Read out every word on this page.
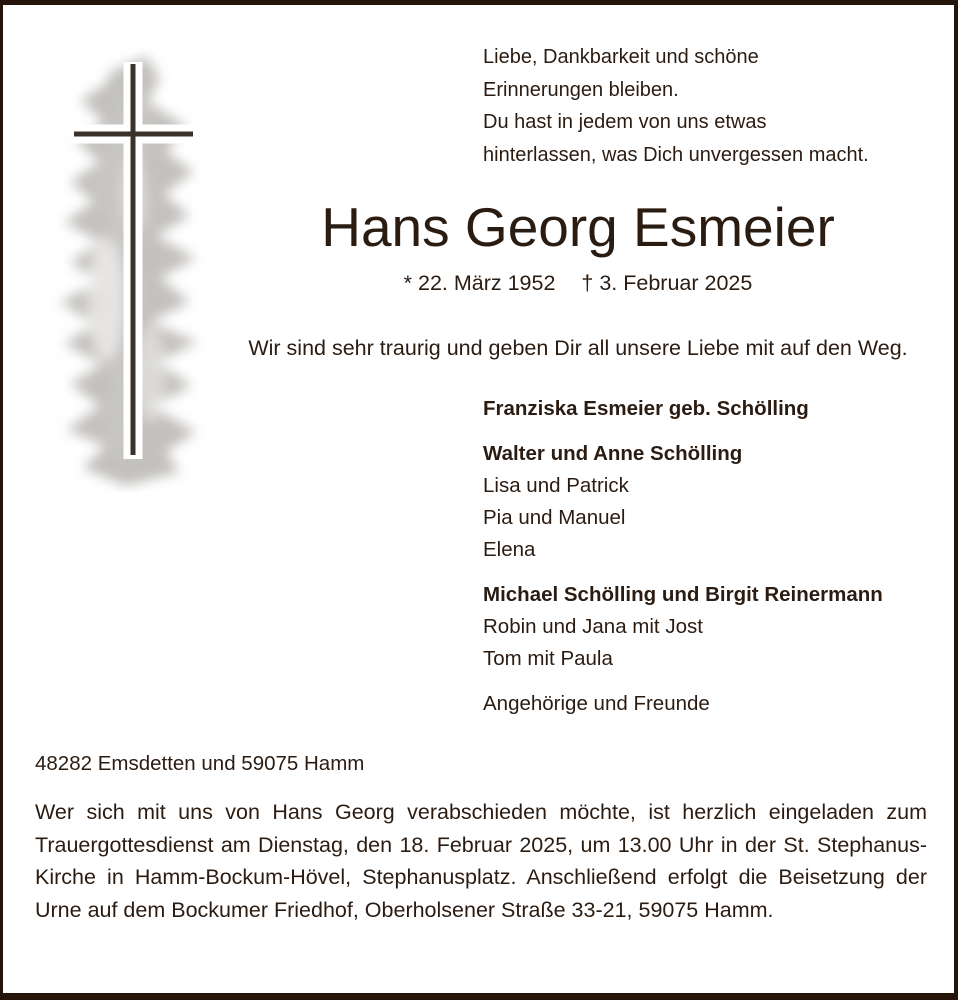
Liebe, Dankbarkeit und schöne
Erinnerungen bleiben.
Du hast in jedem von uns etwas
hinterlassen, was Dich unvergessen macht.
Hans Georg Esmeier
* 22. März 1952 † 3. Februar 2025
Wir sind sehr traurig und geben Dir all unsere Liebe mit auf den Weg.
Franziska Esmeier geb. Schölling
Walter und Anne Schölling
Lisa und Patrick
Pia und Manuel
Elena
Michael Schölling und Birgit Reinermann
Robin und Jana mit Jost
Tom mit Paula
Angehörige und Freunde
48282 Emsdetten und 59075 Hamm
Wer sich mit uns von Hans Georg verabschieden möchte, ist herzlich eingeladen zum Trauergottesdienst am Dienstag, den 18. Februar 2025, um 13.00 Uhr in der St. Stephanus-Kirche in Hamm-Bockum-Hövel, Stephanusplatz. Anschließend erfolgt die Beisetzung der Urne auf dem Bockumer Friedhof, Oberholsener Straße 33-21, 59075 Hamm.
